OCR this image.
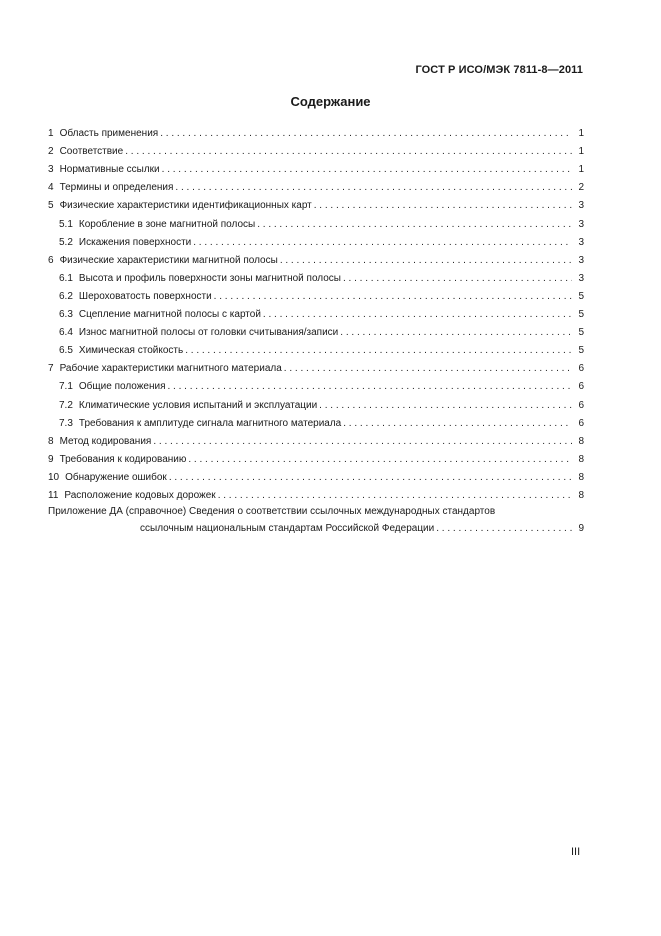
ГОСТ Р ИСО/МЭК 7811-8—2011
Содержание
1 Область применения . . .	1
2 Соответствие . . .	1
3 Нормативные ссылки . . .	1
4 Термины и определения . . .	2
5 Физические характеристики идентификационных карт . . .	3
5.1 Коробление в зоне магнитной полосы . . .	3
5.2 Искажения поверхности . . .	3
6 Физические характеристики магнитной полосы . . .	3
6.1 Высота и профиль поверхности зоны магнитной полосы . . .	3
6.2 Шероховатость поверхности . . .	5
6.3 Сцепление магнитной полосы с картой . . .	5
6.4 Износ магнитной полосы от головки считывания/записи . . .	5
6.5 Химическая стойкость . . .	5
7 Рабочие характеристики магнитного материала . . .	6
7.1 Общие положения . . .	6
7.2 Климатические условия испытаний и эксплуатации . . .	6
7.3 Требования к амплитуде сигнала магнитного материала . . .	6
8 Метод кодирования . . .	8
9 Требования к кодированию . . .	8
10 Обнаружение ошибок . . .	8
11 Расположение кодовых дорожек . . .	8
Приложение ДА (справочное) Сведения о соответствии ссылочных международных стандартов
ссылочным национальным стандартам Российской Федерации . . .	9
III
